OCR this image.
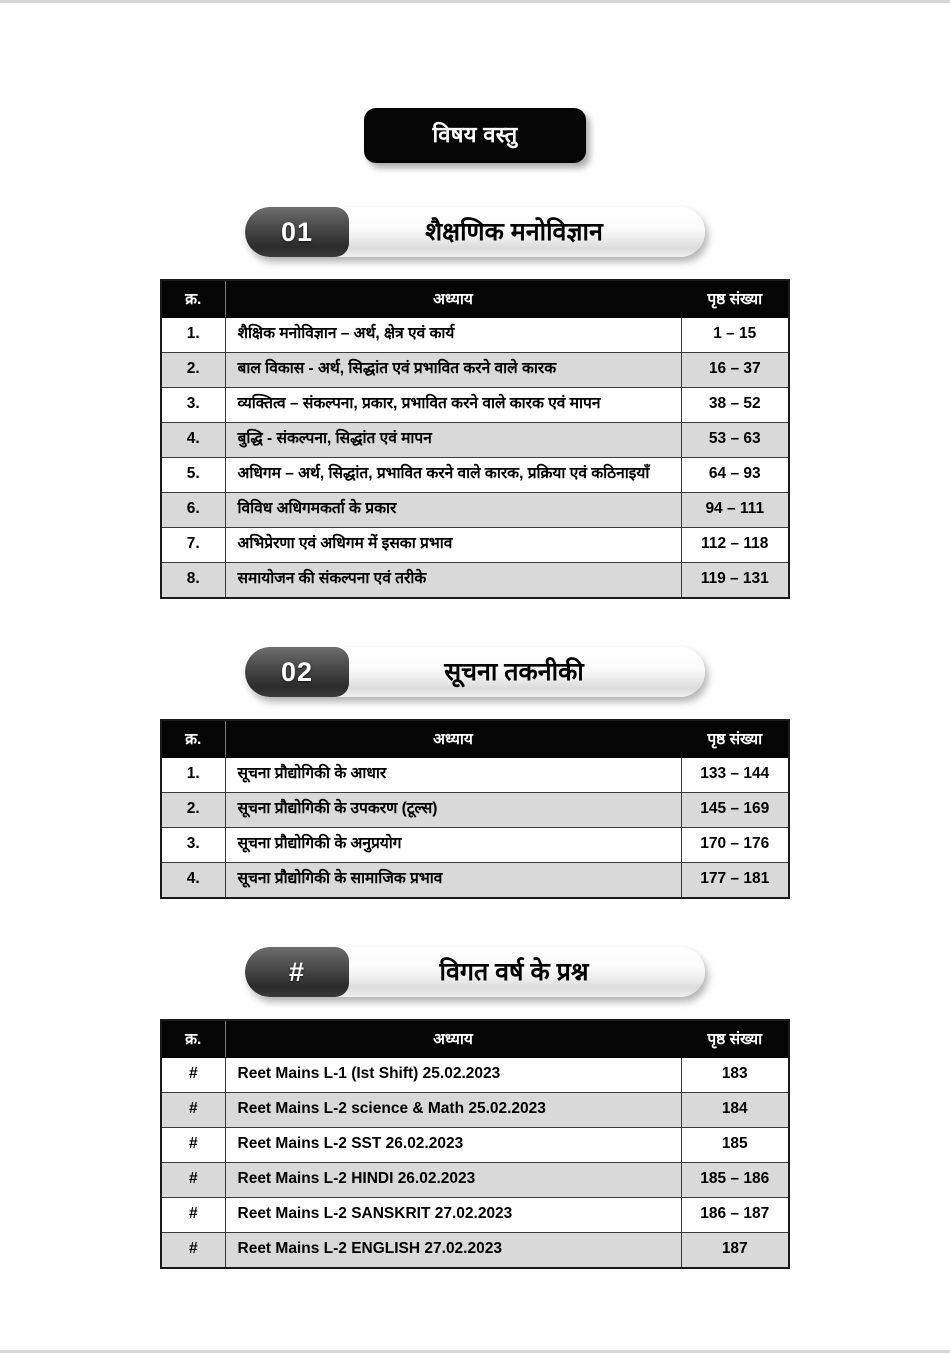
विषय वस्तु
01	शैक्षणिक मनोविज्ञान
क्र.	अध्याय	पृष्ठ संख्या
1.	शैक्षिक मनोविज्ञान – अर्थ, क्षेत्र एवं कार्य	1 – 15
2.	बाल विकास - अर्थ, सिद्धांत एवं प्रभावित करने वाले कारक	16 – 37
3.	व्यक्तित्व – संकल्पना, प्रकार, प्रभावित करने वाले कारक एवं मापन	38 – 52
4.	बुद्धि - संकल्पना, सिद्धांत एवं मापन	53 – 63
5.	अधिगम – अर्थ, सिद्धांत, प्रभावित करने वाले कारक, प्रक्रिया एवं कठिनाइयाँ	64 – 93
6.	विविध अधिगमकर्ता के प्रकार	94 – 111
7.	अभिप्रेरणा एवं अधिगम में इसका प्रभाव	112 – 118
8.	समायोजन की संकल्पना एवं तरीके	119 – 131
02	सूचना तकनीकी
क्र.	अध्याय	पृष्ठ संख्या
1.	सूचना प्रौद्योगिकी के आधार	133 – 144
2.	सूचना प्रौद्योगिकी के उपकरण (टूल्स)	145 – 169
3.	सूचना प्रौद्योगिकी के अनुप्रयोग	170 – 176
4.	सूचना प्रौद्योगिकी के सामाजिक प्रभाव	177 – 181
#	विगत वर्ष के प्रश्न
क्र.	अध्याय	पृष्ठ संख्या
#	Reet Mains L-1 (Ist Shift) 25.02.2023	183
#	Reet Mains L-2 science & Math 25.02.2023	184
#	Reet Mains L-2 SST 26.02.2023	185
#	Reet Mains L-2 HINDI 26.02.2023	185 – 186
#	Reet Mains L-2 SANSKRIT 27.02.2023	186 – 187
#	Reet Mains L-2 ENGLISH 27.02.2023	187
